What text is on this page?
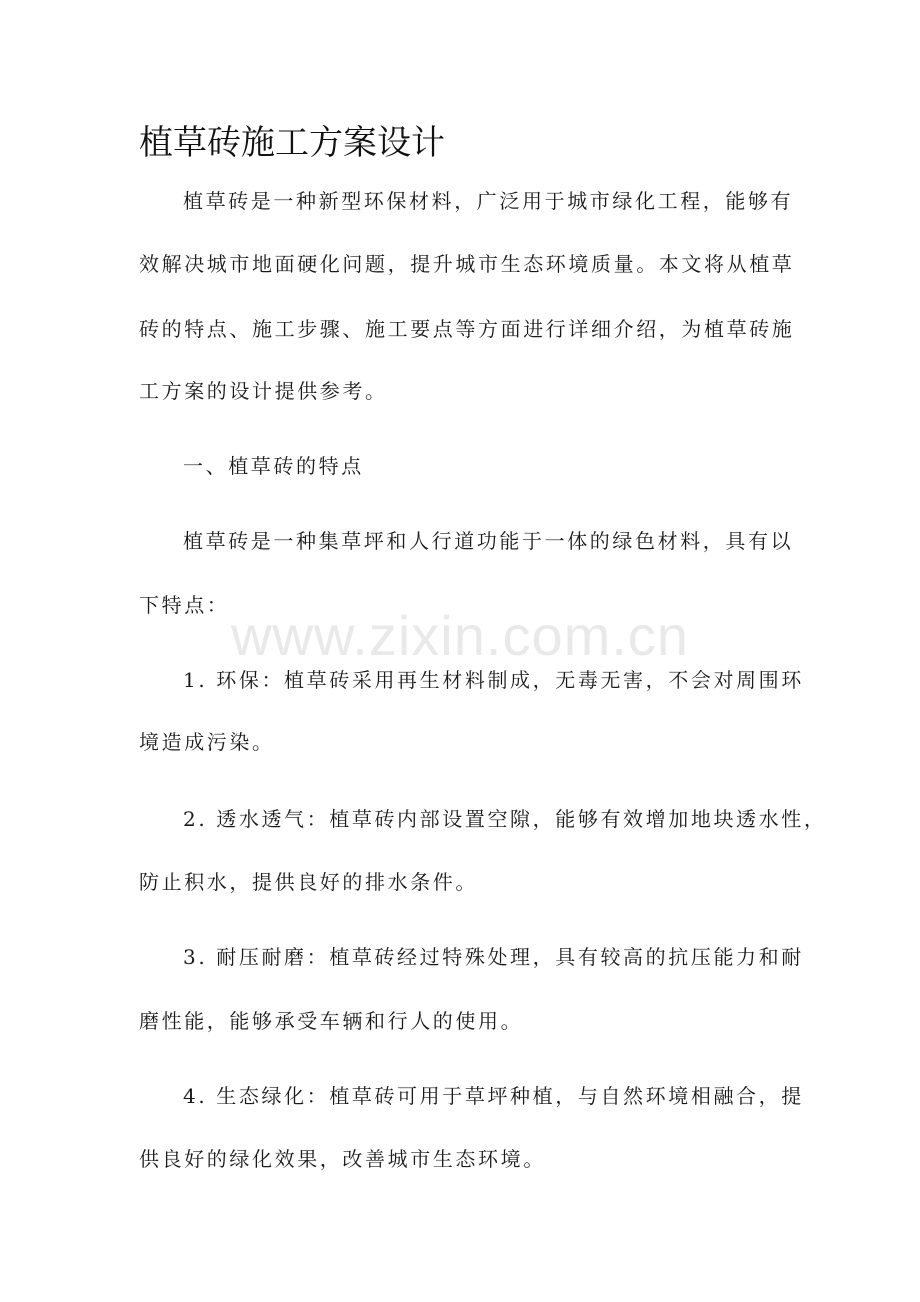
植草砖施工方案设计

植草砖是一种新型环保材料，广泛用于城市绿化工程，能够有

效解决城市地面硬化问题，提升城市生态环境质量。本文将从植草

砖的特点、施工步骤、施工要点等方面进行详细介绍，为植草砖施

工方案的设计提供参考。

一、植草砖的特点

植草砖是一种集草坪和人行道功能于一体的绿色材料，具有以

下特点：

1. 环保：植草砖采用再生材料制成，无毒无害，不会对周围环

境造成污染。

2. 透水透气：植草砖内部设置空隙，能够有效增加地块透水性，

防止积水，提供良好的排水条件。

3. 耐压耐磨：植草砖经过特殊处理，具有较高的抗压能力和耐

磨性能，能够承受车辆和行人的使用。

4. 生态绿化：植草砖可用于草坪种植，与自然环境相融合，提

供良好的绿化效果，改善城市生态环境。

www.zixin.com.cn
